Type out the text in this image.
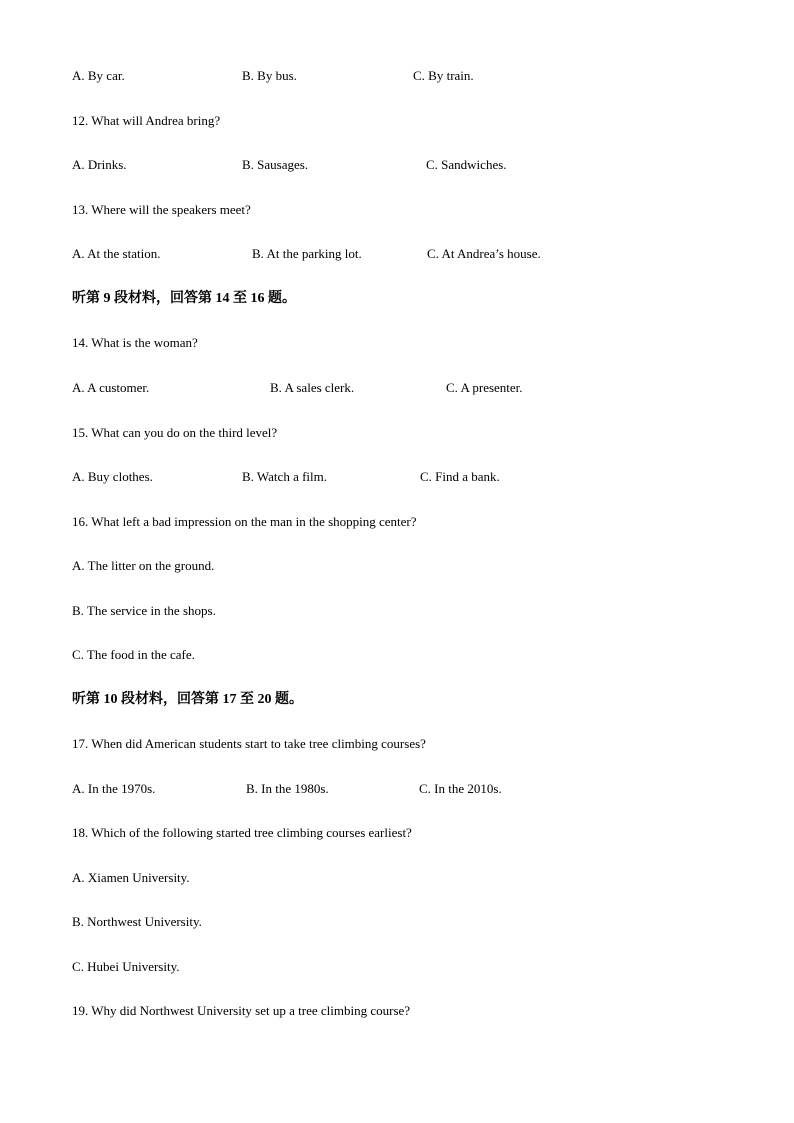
A. By car.	B. By bus.	C. By train.
12. What will Andrea bring?
A. Drinks.	B. Sausages.	C. Sandwiches.
13. Where will the speakers meet?
A. At the station.	B. At the parking lot.	C. At Andrea’s house.
听第 9 段材料，回答第 14 至 16 题。
14. What is the woman?
A. A customer.	B. A sales clerk.	C. A presenter.
15. What can you do on the third level?
A. Buy clothes.	B. Watch a film.	C. Find a bank.
16. What left a bad impression on the man in the shopping center?
A. The litter on the ground.
B. The service in the shops.
C. The food in the cafe.
听第 10 段材料，回答第 17 至 20 题。
17. When did American students start to take tree climbing courses?
A. In the 1970s.	B. In the 1980s.	C. In the 2010s.
18. Which of the following started tree climbing courses earliest?
A. Xiamen University.
B. Northwest University.
C. Hubei University.
19. Why did Northwest University set up a tree climbing course?
